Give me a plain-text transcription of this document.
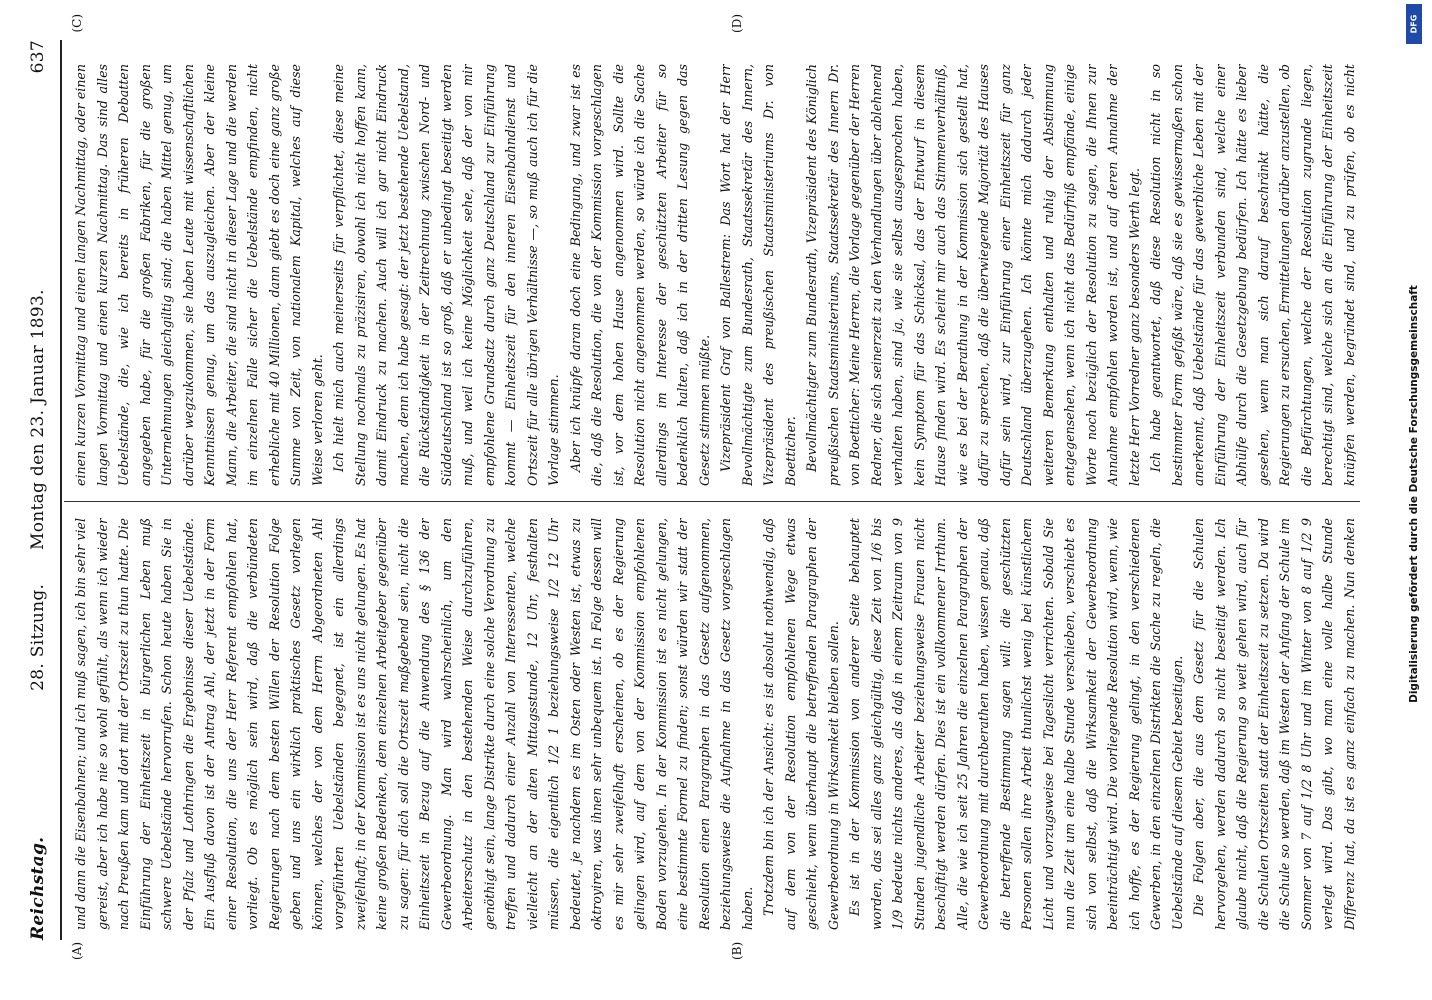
Reichstag.
28. Sitzung. Montag den 23. Januar 1893.
637
(A)	(B)
(C)	(D)

und dann die Eisenbahnen; und ich muß sagen, ich bin sehr viel gereist, aber ich habe nie so wohl gefühlt, als wenn ich wieder nach Preußen kam und dort mit der Ortszeit zu thun hatte. Die Einführung der Einheitszeit in bürgerlichen Leben muß schwere Uebelstände hervorrufen. Schon heute haben Sie in der Pfalz und Lothringen die Ergebnisse dieser Uebelstände. Ein Ausfluß davon ist der Antrag Ahl, der jetzt in der Form einer Resolution, die uns der Herr Referent empfohlen hat, vorliegt. Ob es möglich sein wird, daß die verbündeten Regierungen nach dem besten Willen der Resolution Folge geben und uns ein wirklich praktisches Gesetz vorlegen können, welches der von dem Herrn Abgeordneten Ahl vorgeführten Uebelständen begegnet, ist ein allerdings zweifelhaft; in der Kommission ist es uns nicht gelungen. Es hat keine großen Bedenken, dem einzelnen Arbeitgeber gegenüber zu sagen: für dich soll die Ortszeit maßgebend sein, nicht die Einheitszeit in Bezug auf die Anwendung des § 136 der Gewerbeordnung. Man wird wahrscheinlich, um den Arbeiterschutz in den bestehenden Weise durchzuführen, genöthigt sein, lange Distrikte durch eine solche Verordnung zu treffen und dadurch einer Anzahl von Interessenten, welche vielleicht an der alten Mittagsstunde, 12 Uhr, festhalten müssen, die eigentlich 1/2 1 beziehungsweise 1/2 12 Uhr bedeutet, je nachdem es im Osten oder Westen ist, etwas zu oktroyiren, was ihnen sehr unbequem ist. In Folge dessen will es mir sehr zweifelhaft erscheinen, ob es der Regierung gelingen wird, auf dem von der Kommission empfohlenen Boden vorzugehen. In der Kommission ist es nicht gelungen, eine bestimmte Formel zu finden; sonst würden wir statt der Resolution einen Paragraphen in das Gesetz aufgenommen, beziehungsweise die Aufnahme in das Gesetz vorgeschlagen haben. Trotzdem bin ich der Ansicht: es ist absolut nothwendig, daß auf dem von der Resolution empfohlenen Wege etwas geschieht, wenn überhaupt die betreffenden Paragraphen der Gewerbeordnung in Wirksamkeit bleiben sollen. Es ist in der Kommission von anderer Seite behauptet worden, das sei alles ganz gleichgültig, diese Zeit von 1/6 bis 1/9 bedeute nichts anderes, als daß in einem Zeitraum von 9 Stunden jugendliche Arbeiter beziehungsweise Frauen nicht beschäftigt werden dürfen. Dies ist ein vollkommener Irrthum. Alle, die wie ich seit 25 Jahren die einzelnen Paragraphen der Gewerbeordnung mit durchberathen haben, wissen genau, daß die betreffende Bestimmung sagen will: die geschützten Personen sollen ihre Arbeit thunlichst wenig bei künstlichem Licht und vorzugsweise bei Tageslicht verrichten. Sobald Sie nun die Zeit um eine halbe Stunde verschieben, verschiebt es sich von selbst, daß die Wirksamkeit der Gewerbeordnung beeinträchtigt wird. Die vorliegende Resolution wird, wenn, wie ich hoffe, es der Regierung gelingt, in den verschiedenen Gewerben, in den einzelnen Distrikten die Sache zu regeln, die Uebelstände auf diesem Gebiet beseitigen. Die Folgen aber, die aus dem Gesetz für die Schulen hervorgehen, werden dadurch so nicht beseitigt werden. Ich glaube nicht, daß die Regierung so weit gehen wird, auch für die Schulen Ortszeiten statt der Einheitszeit zu setzen. Da wird die Schule so werden, daß im Westen der Anfang der Schule im Sommer von 7 auf 1/2 8 Uhr und im Winter von 8 auf 1/2 9 verlegt wird. Das gibt, wo man eine volle halbe Stunde Differenz hat, da ist es ganz einfach zu machen. Nun denken

einen kurzen Vormittag und einen langen Nachmittag, oder einen langen Vormittag und einen kurzen Nachmittag. Das sind alles Uebelstände, die, wie ich bereits in früheren Debatten angegeben habe, für die großen Fabriken, für die großen Unternehmungen gleichgiltig sind; die haben Mittel genug, um darüber wegzukommen, sie haben Leute mit wissenschaftlichen Kenntnissen genug, um das auszugleichen. Aber der kleine Mann, die Arbeiter, die sind nicht in dieser Lage und die werden im einzelnen Falle sicher die Uebelstände empfinden, nicht erhebliche mit 40 Millionen, dann giebt es doch eine ganz große Summe von Zeit, von nationalem Kapital, welches auf diese Weise verloren geht. Ich hielt mich auch meinerseits für verpflichtet, diese meine Stellung nochmals zu präzisiren, obwohl ich nicht hoffen kann, damit Eindruck zu machen. Auch will ich gar nicht Eindruck machen, denn ich habe gesagt: der jetzt bestehende Uebelstand, die Rückständigkeit in der Zeitrechnung zwischen Nord- und Süddeutschland ist so groß, daß er unbedingt beseitigt werden muß, und weil ich keine Möglichkeit sehe, daß der von mir empfohlene Grundsatz durch ganz Deutschland zur Einführung kommt — Einheitszeit für den inneren Eisenbahndienst und Ortszeit für alle übrigen Verhältnisse —, so muß auch ich für die Vorlage stimmen. Aber ich knüpfe daran doch eine Bedingung, und zwar ist es die, daß die Resolution, die von der Kommission vorgeschlagen ist, vor dem hohen Hause angenommen wird. Sollte die Resolution nicht angenommen werden, so würde ich die Sache allerdings im Interesse der geschützten Arbeiter für so bedenklich halten, daß ich in der dritten Lesung gegen das Gesetz stimmen müßte. Vizepräsident Graf von Ballestrem: Das Wort hat der Herr Bevollmächtigte zum Bundesrath, Staatssekretär des Innern, Vizepräsident des preußischen Staatsministeriums Dr. von Boetticher. Bevollmächtigter zum Bundesrath, Vizepräsident des Königlich preußischen Staatsministeriums, Staatssekretär des Innern Dr. von Boetticher: Meine Herren, die Vorlage gegenüber der Herren Redner, die sich seinerzeit zu den Verhandlungen über ablehnend verhalten haben, sind ja, wie sie selbst ausgesprochen haben, kein Symptom für das Schicksal, das der Entwurf in diesem Hause finden wird. Es scheint mir auch das Stimmenverhältniß, wie es bei der Berathung in der Kommission sich gestellt hat, dafür zu sprechen, daß die überwiegende Majorität des Hauses dafür sein wird, zur Einführung einer Einheitszeit für ganz Deutschland überzugehen. Ich könnte mich dadurch jeder weiteren Bemerkung enthalten und ruhig der Abstimmung entgegensehen, wenn ich nicht das Bedürfniß empfände, einige Worte noch bezüglich der Resolution zu sagen, die Ihnen zur Annahme empfohlen worden ist, und auf deren Annahme der letzte Herr Vorredner ganz besonders Werth legt. Ich habe geantwortet, daß diese Resolution nicht in so bestimmter Form gefaßt wäre, daß sie es gewissermaßen schon anerkennt, daß Uebelstände für das gewerbliche Leben mit der Einführung der Einheitszeit verbunden sind, welche einer Abhülfe durch die Gesetzgebung bedürfen. Ich hätte es lieber gesehen, wenn man sich darauf beschränkt hätte, die Regierungen zu ersuchen, Ermittelungen darüber anzustellen, ob die Befürchtungen, welche der Resolution zugrunde liegen, berechtigt sind, welche sich an die Einführung der Einheitszeit knüpfen werden, begründet sind, und zu prüfen, ob es nicht

Digitalisierung gefördert durch die Deutsche Forschungsgemeinschaft
DFG
